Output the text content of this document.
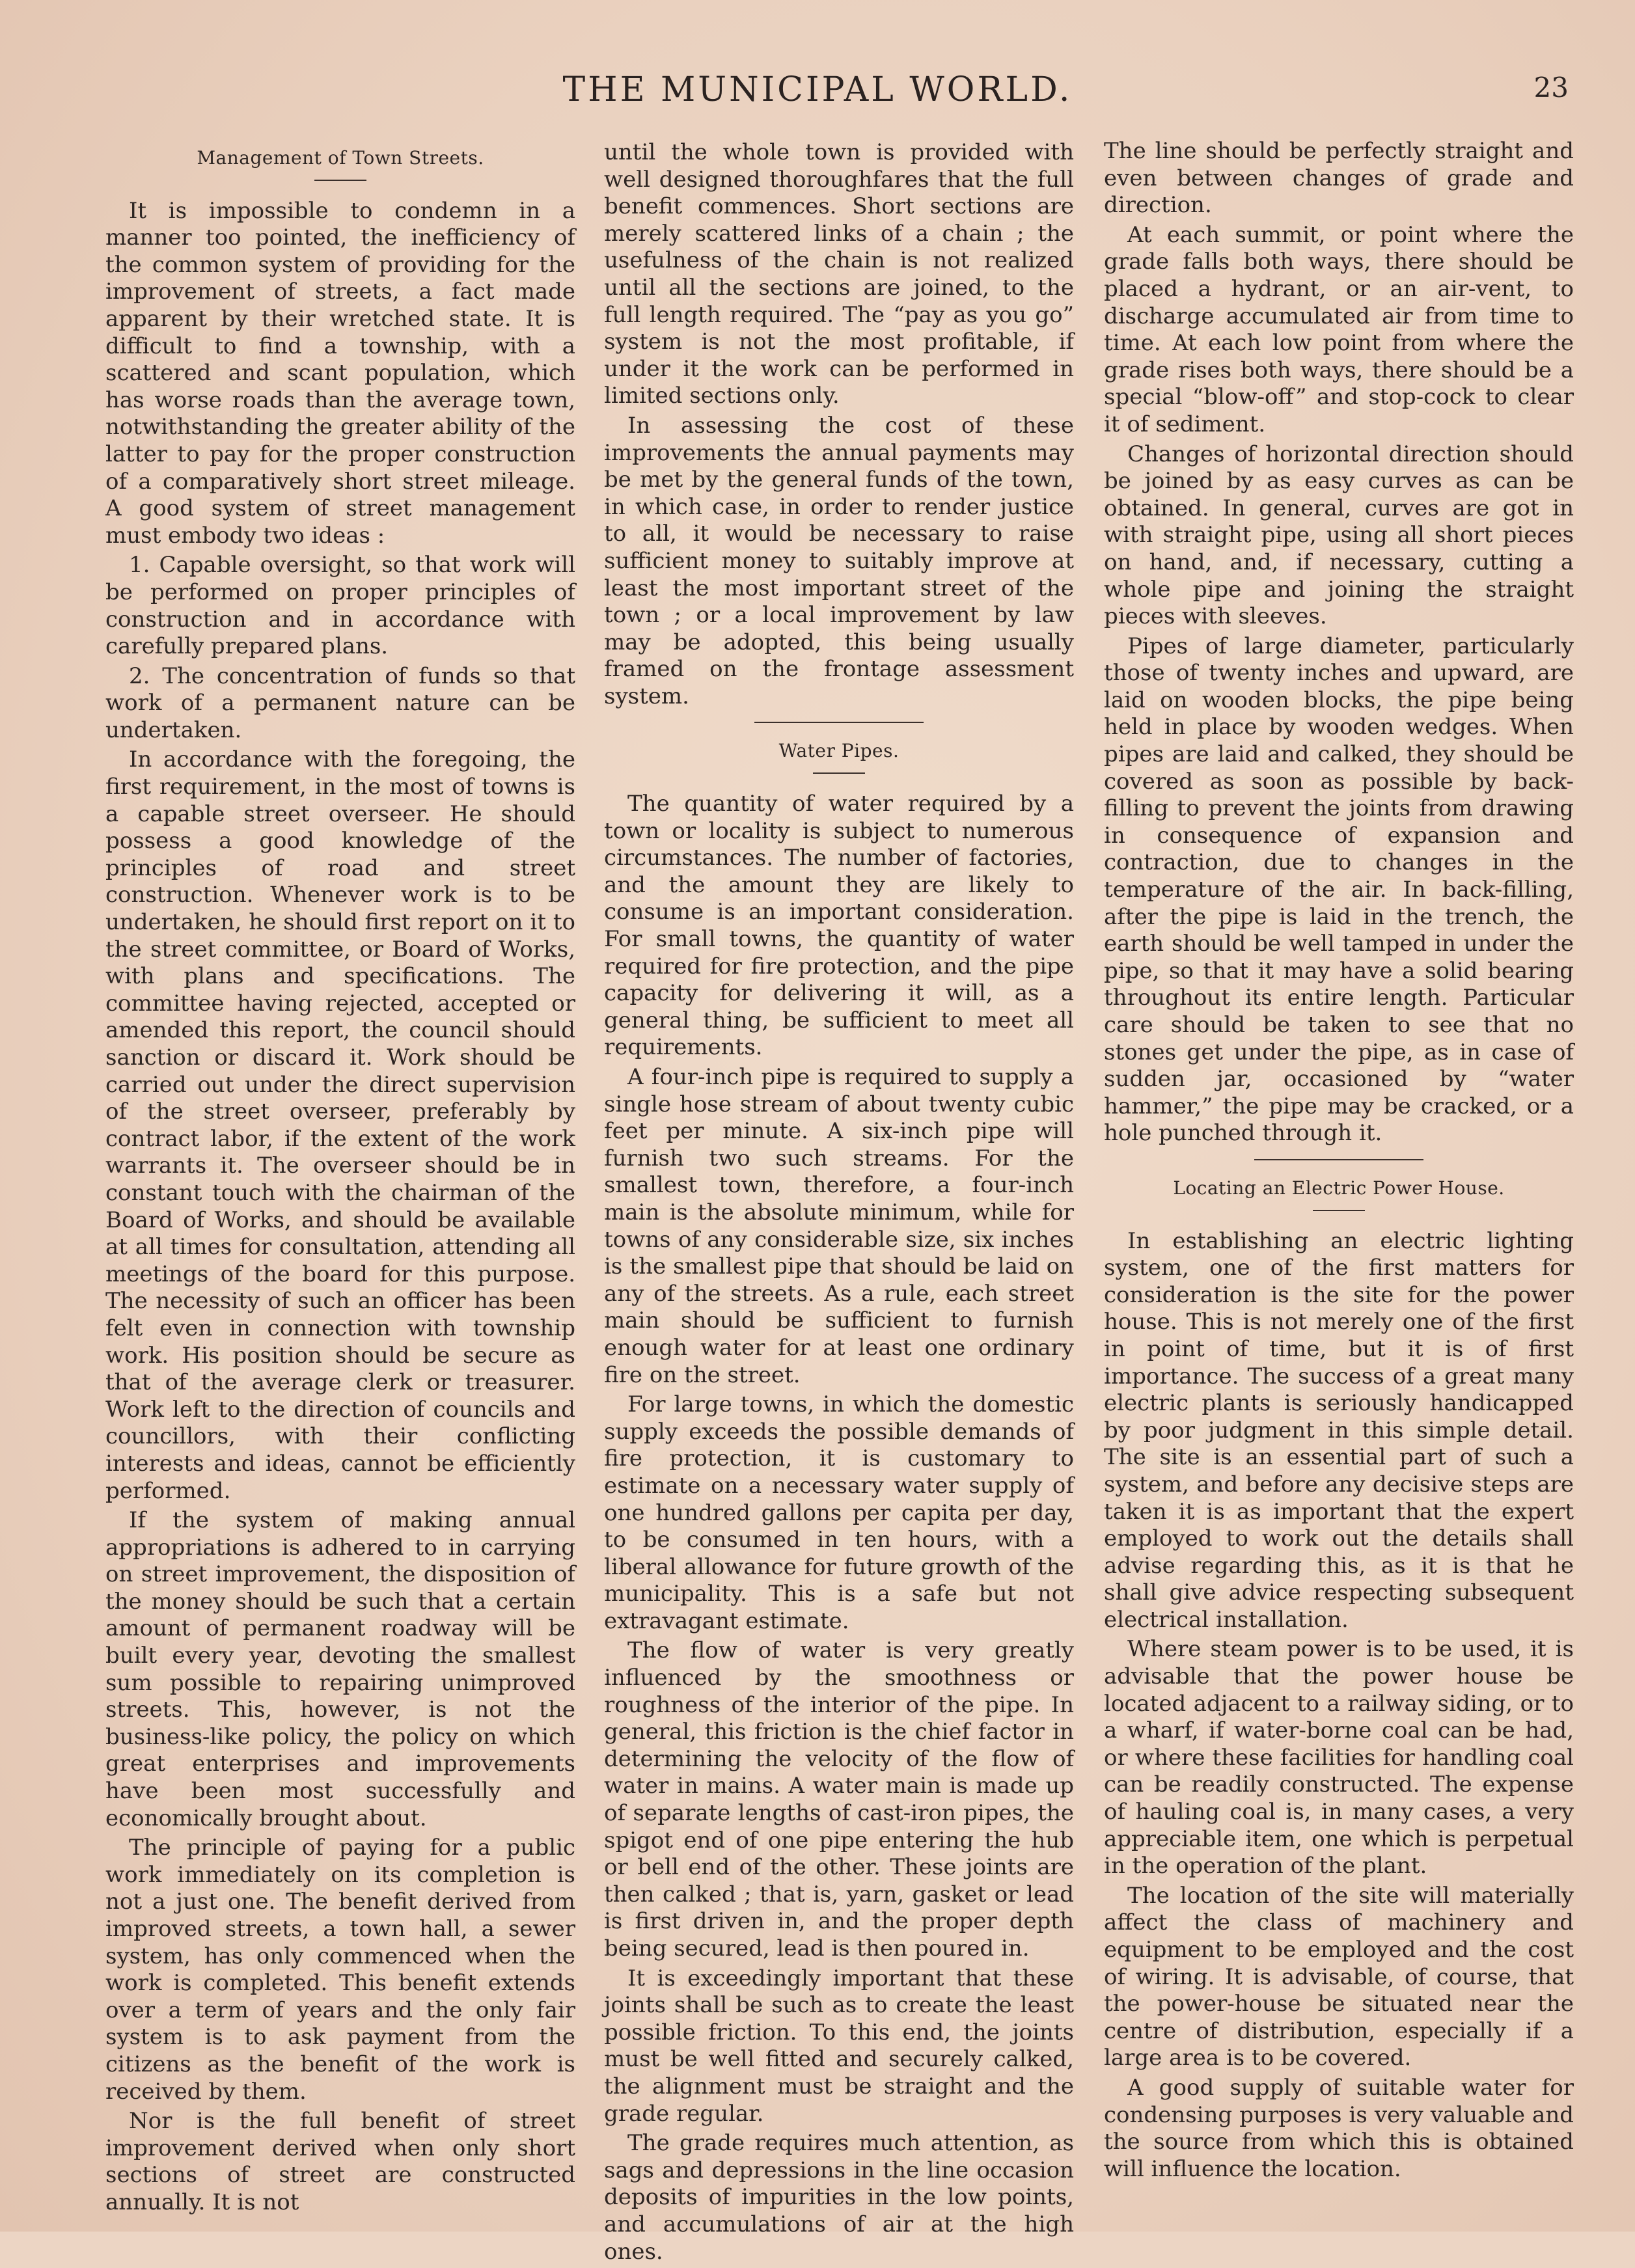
THE MUNICIPAL WORLD.	23
Management of Town Streets.

It is impossible to condemn in a manner too pointed, the inefficiency of the common system of providing for the improvement of streets, a fact made apparent by their wretched state. It is difficult to find a township, with a scattered and scant population, which has worse roads than the average town, notwithstanding the greater ability of the latter to pay for the proper construction of a comparatively short street mileage. A good system of street management must embody two ideas :

1. Capable oversight, so that work will be performed on proper principles of construction and in accordance with carefully prepared plans.

2. The concentration of funds so that work of a permanent nature can be undertaken.

In accordance with the foregoing, the first requirement, in the most of towns is a capable street overseer. He should possess a good knowledge of the principles of road and street construction. Whenever work is to be undertaken, he should first report on it to the street committee, or Board of Works, with plans and specifications. The committee having rejected, accepted or amended this report, the council should sanction or discard it. Work should be carried out under the direct supervision of the street overseer, preferably by contract labor, if the extent of the work warrants it. The overseer should be in constant touch with the chairman of the Board of Works, and should be available at all times for consultation, attending all meetings of the board for this purpose. The necessity of such an officer has been felt even in connection with township work. His position should be secure as that of the average clerk or treasurer. Work left to the direction of councils and councillors, with their conflicting interests and ideas, cannot be efficiently performed.

If the system of making annual appropriations is adhered to in carrying on street improvement, the disposition of the money should be such that a certain amount of permanent roadway will be built every year, devoting the smallest sum possible to repairing unimproved streets. This, however, is not the business-like policy, the policy on which great enterprises and improvements have been most successfully and economically brought about.

The principle of paying for a public work immediately on its completion is not a just one. The benefit derived from improved streets, a town hall, a sewer system, has only commenced when the work is completed. This benefit extends over a term of years and the only fair system is to ask payment from the citizens as the benefit of the work is received by them.

Nor is the full benefit of street improvement derived when only short sections of street are constructed annually. It is not

until the whole town is provided with well designed thoroughfares that the full benefit commences. Short sections are merely scattered links of a chain ; the usefulness of the chain is not realized until all the sections are joined, to the full length required. The “pay as you go” system is not the most profitable, if under it the work can be performed in limited sections only.

In assessing the cost of these improvements the annual payments may be met by the general funds of the town, in which case, in order to render justice to all, it would be necessary to raise sufficient money to suitably improve at least the most important street of the town ; or a local improvement by law may be adopted, this being usually framed on the frontage assessment system.

Water Pipes.

The quantity of water required by a town or locality is subject to numerous circumstances. The number of factories, and the amount they are likely to consume is an important consideration. For small towns, the quantity of water required for fire protection, and the pipe capacity for delivering it will, as a general thing, be sufficient to meet all requirements.

A four-inch pipe is required to supply a single hose stream of about twenty cubic feet per minute. A six-inch pipe will furnish two such streams. For the smallest town, therefore, a four-inch main is the absolute minimum, while for towns of any considerable size, six inches is the smallest pipe that should be laid on any of the streets. As a rule, each street main should be sufficient to furnish enough water for at least one ordinary fire on the street.

For large towns, in which the domestic supply exceeds the possible demands of fire protection, it is customary to estimate on a necessary water supply of one hundred gallons per capita per day, to be consumed in ten hours, with a liberal allowance for future growth of the municipality. This is a safe but not extravagant estimate.

The flow of water is very greatly influenced by the smoothness or roughness of the interior of the pipe. In general, this friction is the chief factor in determining the velocity of the flow of water in mains. A water main is made up of separate lengths of cast-iron pipes, the spigot end of one pipe entering the hub or bell end of the other. These joints are then calked ; that is, yarn, gasket or lead is first driven in, and the proper depth being secured, lead is then poured in.

It is exceedingly important that these joints shall be such as to create the least possible friction. To this end, the joints must be well fitted and securely calked, the alignment must be straight and the grade regular.

The grade requires much attention, as sags and depressions in the line occasion deposits of impurities in the low points, and accumulations of air at the high ones.

The line should be perfectly straight and even between changes of grade and direction.

At each summit, or point where the grade falls both ways, there should be placed a hydrant, or an air-vent, to discharge accumulated air from time to time. At each low point from where the grade rises both ways, there should be a special “blow-off” and stop-cock to clear it of sediment.

Changes of horizontal direction should be joined by as easy curves as can be obtained. In general, curves are got in with straight pipe, using all short pieces on hand, and, if necessary, cutting a whole pipe and joining the straight pieces with sleeves.

Pipes of large diameter, particularly those of twenty inches and upward, are laid on wooden blocks, the pipe being held in place by wooden wedges. When pipes are laid and calked, they should be covered as soon as possible by back-filling to prevent the joints from drawing in consequence of expansion and contraction, due to changes in the temperature of the air. In back-filling, after the pipe is laid in the trench, the earth should be well tamped in under the pipe, so that it may have a solid bearing throughout its entire length. Particular care should be taken to see that no stones get under the pipe, as in case of sudden jar, occasioned by “water hammer,” the pipe may be cracked, or a hole punched through it.

Locating an Electric Power House.

In establishing an electric lighting system, one of the first matters for consideration is the site for the power house. This is not merely one of the first in point of time, but it is of first importance. The success of a great many electric plants is seriously handicapped by poor judgment in this simple detail. The site is an essential part of such a system, and before any decisive steps are taken it is as important that the expert employed to work out the details shall advise regarding this, as it is that he shall give advice respecting subsequent electrical installation.

Where steam power is to be used, it is advisable that the power house be located adjacent to a railway siding, or to a wharf, if water-borne coal can be had, or where these facilities for handling coal can be readily constructed. The expense of hauling coal is, in many cases, a very appreciable item, one which is perpetual in the operation of the plant.

The location of the site will materially affect the class of machinery and equipment to be employed and the cost of wiring. It is advisable, of course, that the power-house be situated near the centre of distribution, especially if a large area is to be covered.

A good supply of suitable water for condensing purposes is very valuable and the source from which this is obtained will influence the location.
